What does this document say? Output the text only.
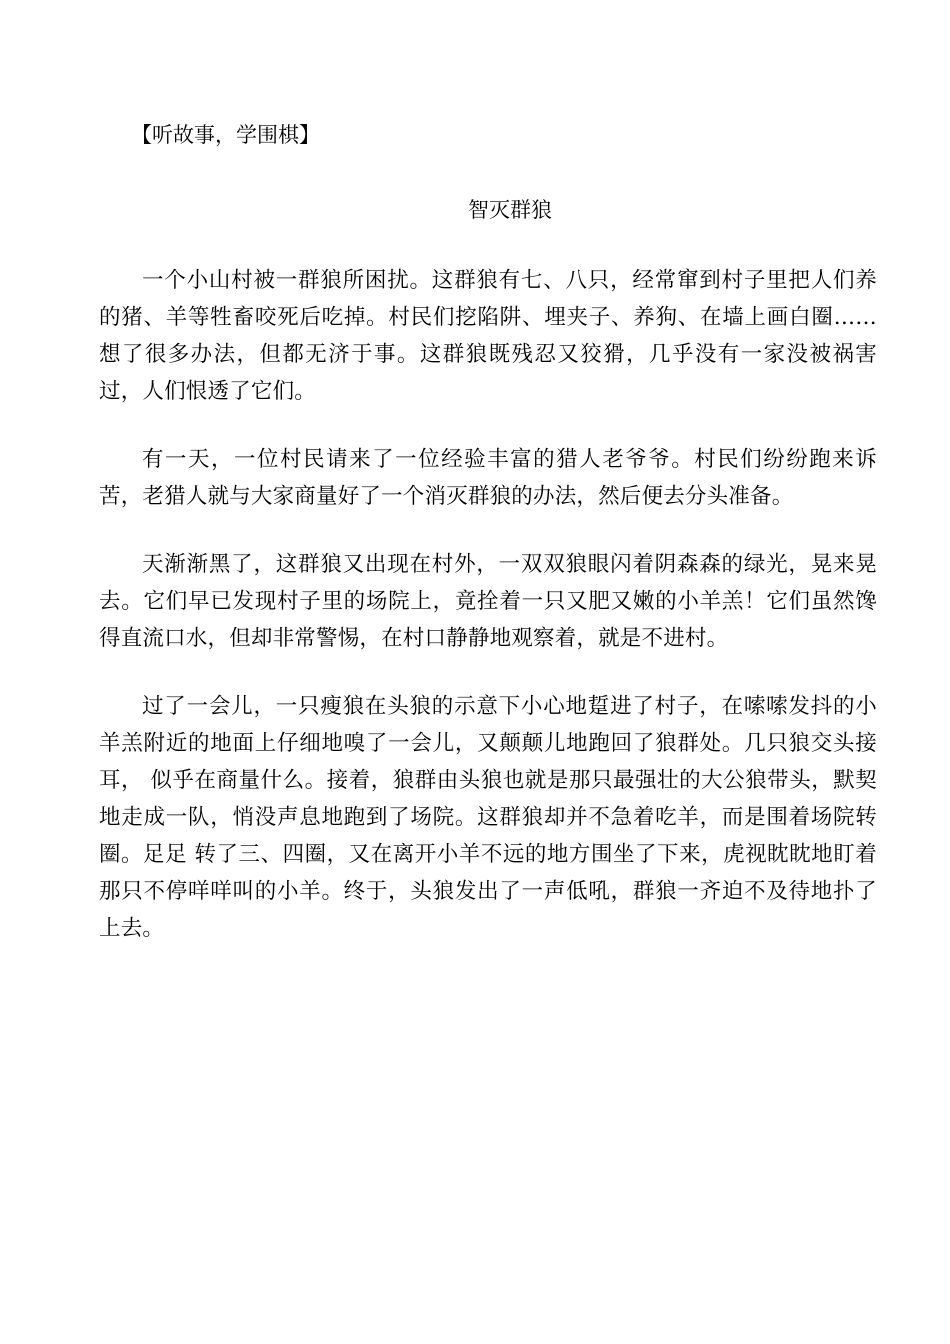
【听故事，学围棋】
智灭群狼

一个小山村被一群狼所困扰。这群狼有七、八只，经常窜到村子里把人们养的猪、羊等牲畜咬死后吃掉。村民们挖陷阱、埋夹子、养狗、在墙上画白圈……想了很多办法，但都无济于事。这群狼既残忍又狡猾，几乎没有一家没被祸害过，人们恨透了它们。

有一天，一位村民请来了一位经验丰富的猎人老爷爷。村民们纷纷跑来诉苦，老猎人就与大家商量好了一个消灭群狼的办法，然后便去分头准备。

天渐渐黑了，这群狼又出现在村外，一双双狼眼闪着阴森森的绿光，晃来晃去。它们早已发现村子里的场院上，竟拴着一只又肥又嫩的小羊羔！它们虽然馋得直流口水，但却非常警惕，在村口静静地观察着，就是不进村。

过了一会儿，一只瘦狼在头狼的示意下小心地踅进了村子，在嗦嗦发抖的小羊羔附近的地面上仔细地嗅了一会儿，又颠颠儿地跑回了狼群处。几只狼交头接耳， 似乎在商量什么。接着，狼群由头狼也就是那只最强壮的大公狼带头，默契地走成一队，悄没声息地跑到了场院。这群狼却并不急着吃羊，而是围着场院转圈。足足 转了三、四圈，又在离开小羊不远的地方围坐了下来，虎视眈眈地盯着那只不停咩咩叫的小羊。终于，头狼发出了一声低吼，群狼一齐迫不及待地扑了上去。
